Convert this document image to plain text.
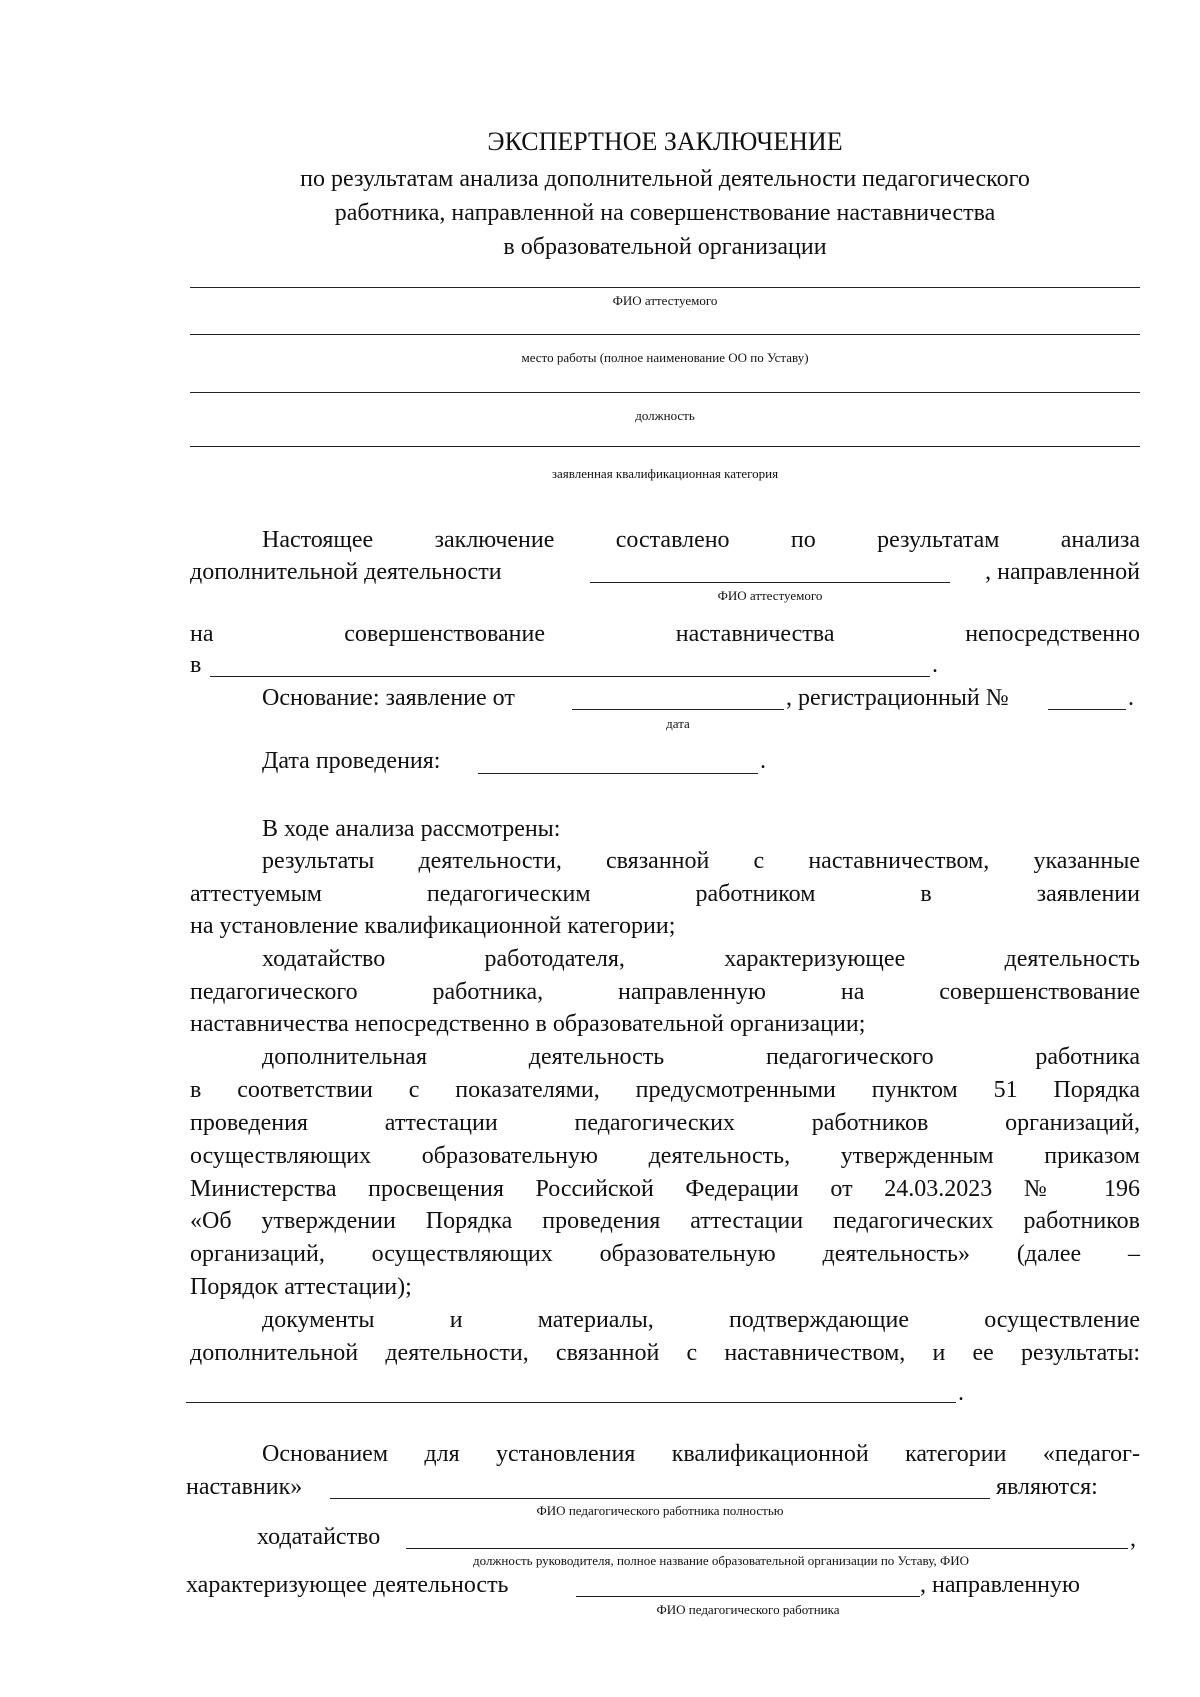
ЭКСПЕРТНОЕ ЗАКЛЮЧЕНИЕ
по результатам анализа дополнительной деятельности педагогического
работника, направленной на совершенствование наставничества
в образовательной организации
ФИО аттестуемого
место работы (полное наименование ОО по Уставу)
должность
заявленная квалификационная категория
Настоящее	заключение	составлено	по	результатам	анализа
дополнительной деятельности	, направленной
ФИО аттестуемого
на	совершенствование	наставничества	непосредственно
в	.
Основание: заявление от	, регистрационный №	.
дата
Дата проведения:	.
В ходе анализа рассмотрены:
результаты деятельности, связанной с наставничеством, указанные
аттестуемым педагогическим работником в заявлении
на установление квалификационной категории;
ходатайство работодателя, характеризующее деятельность
педагогического работника, направленную на совершенствование
наставничества непосредственно в образовательной организации;
дополнительная деятельность педагогического работника
в соответствии с показателями, предусмотренными пунктом 51 Порядка
проведения аттестации педагогических работников организаций,
осуществляющих образовательную деятельность, утвержденным приказом
Министерства просвещения Российской Федерации от 24.03.2023 № 196
«Об утверждении Порядка проведения аттестации педагогических работников
организаций, осуществляющих образовательную деятельность» (далее –
Порядок аттестации);
документы и материалы, подтверждающие осуществление
дополнительной деятельности, связанной с наставничеством, и ее результаты:
.
Основанием для установления квалификационной категории «педагог-
наставник»	являются:
ФИО педагогического работника полностью
ходатайство	,
должность руководителя, полное название образовательной организации по Уставу, ФИО
характеризующее деятельность	, направленную
ФИО педагогического работника
